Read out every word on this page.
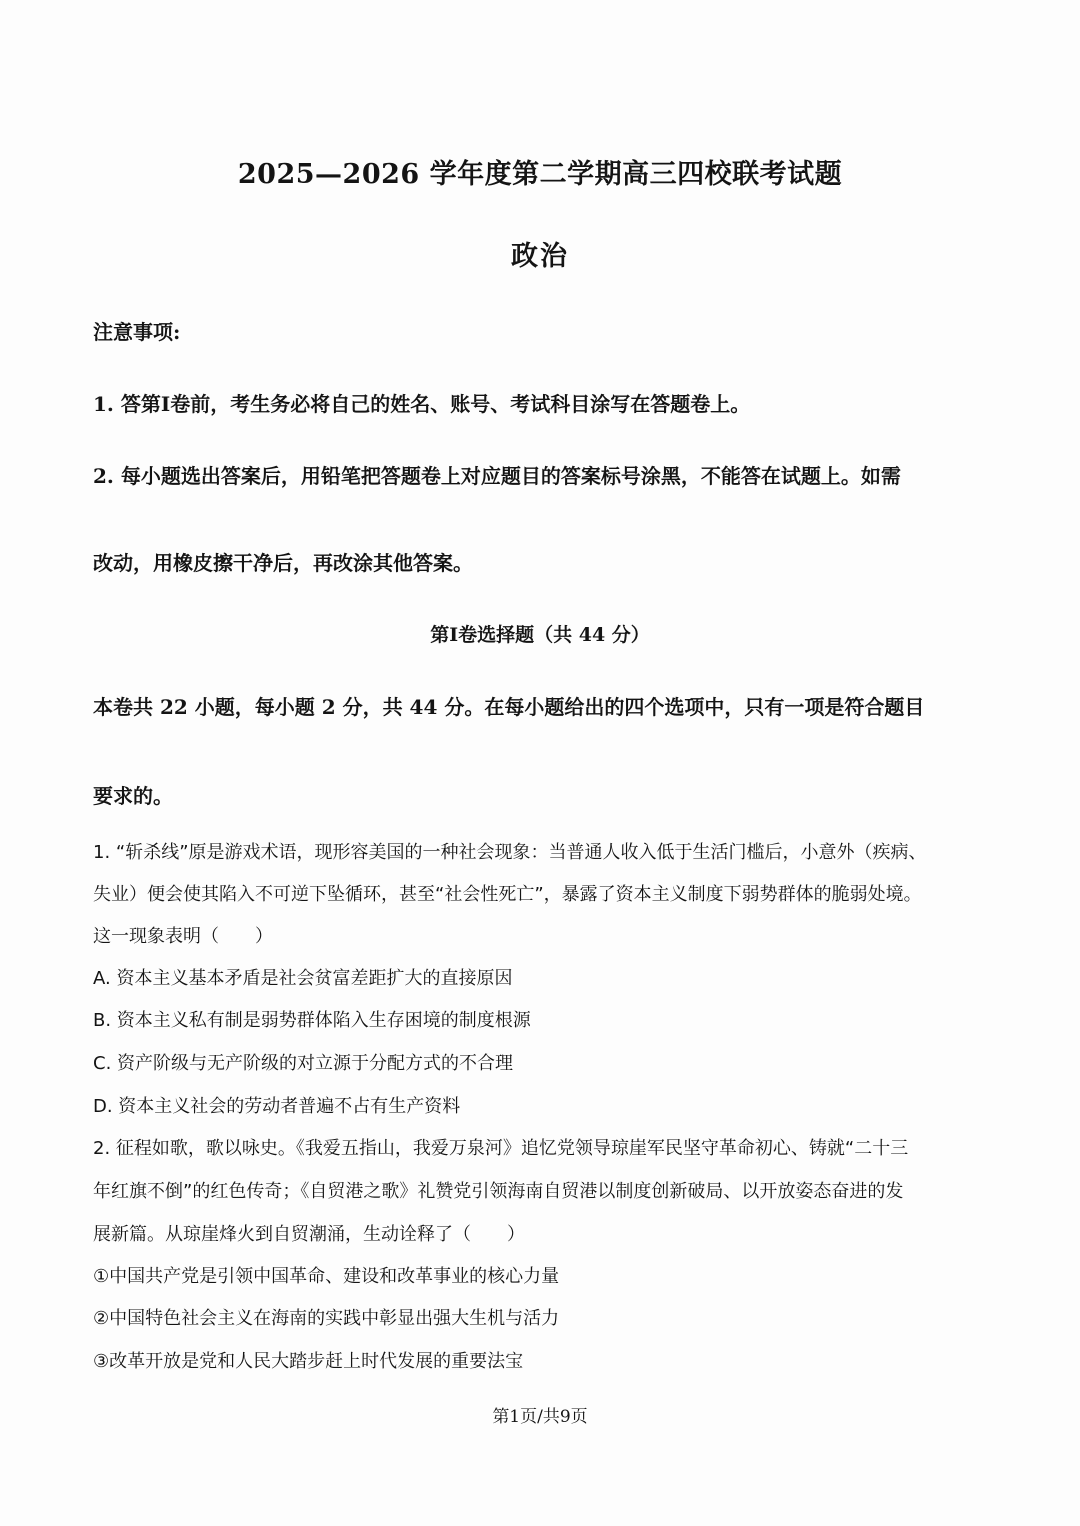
2025—2026 学年度第二学期高三四校联考试题
政治
注意事项:
1. 答第Ⅰ卷前，考生务必将自己的姓名、账号、考试科目涂写在答题卷上。
2. 每小题选出答案后，用铅笔把答题卷上对应题目的答案标号涂黑，不能答在试题上。如需
改动，用橡皮擦干净后，再改涂其他答案。
第Ⅰ卷选择题（共 44 分）
本卷共 22 小题，每小题 2 分，共 44 分。在每小题给出的四个选项中，只有一项是符合题目
要求的。
1. “斩杀线”原是游戏术语，现形容美国的一种社会现象：当普通人收入低于生活门槛后，小意外（疾病、
失业）便会使其陷入不可逆下坠循环，甚至“社会性死亡”，暴露了资本主义制度下弱势群体的脆弱处境。
这一现象表明（　　）
A. 资本主义基本矛盾是社会贫富差距扩大的直接原因
B. 资本主义私有制是弱势群体陷入生存困境的制度根源
C. 资产阶级与无产阶级的对立源于分配方式的不合理
D. 资本主义社会的劳动者普遍不占有生产资料
2. 征程如歌，歌以咏史。《我爱五指山，我爱万泉河》追忆党领导琼崖军民坚守革命初心、铸就“二十三
年红旗不倒”的红色传奇；《自贸港之歌》礼赞党引领海南自贸港以制度创新破局、以开放姿态奋进的发
展新篇。从琼崖烽火到自贸潮涌，生动诠释了（　　）
①中国共产党是引领中国革命、建设和改革事业的核心力量
②中国特色社会主义在海南的实践中彰显出强大生机与活力
③改革开放是党和人民大踏步赶上时代发展的重要法宝
第1页/共9页
